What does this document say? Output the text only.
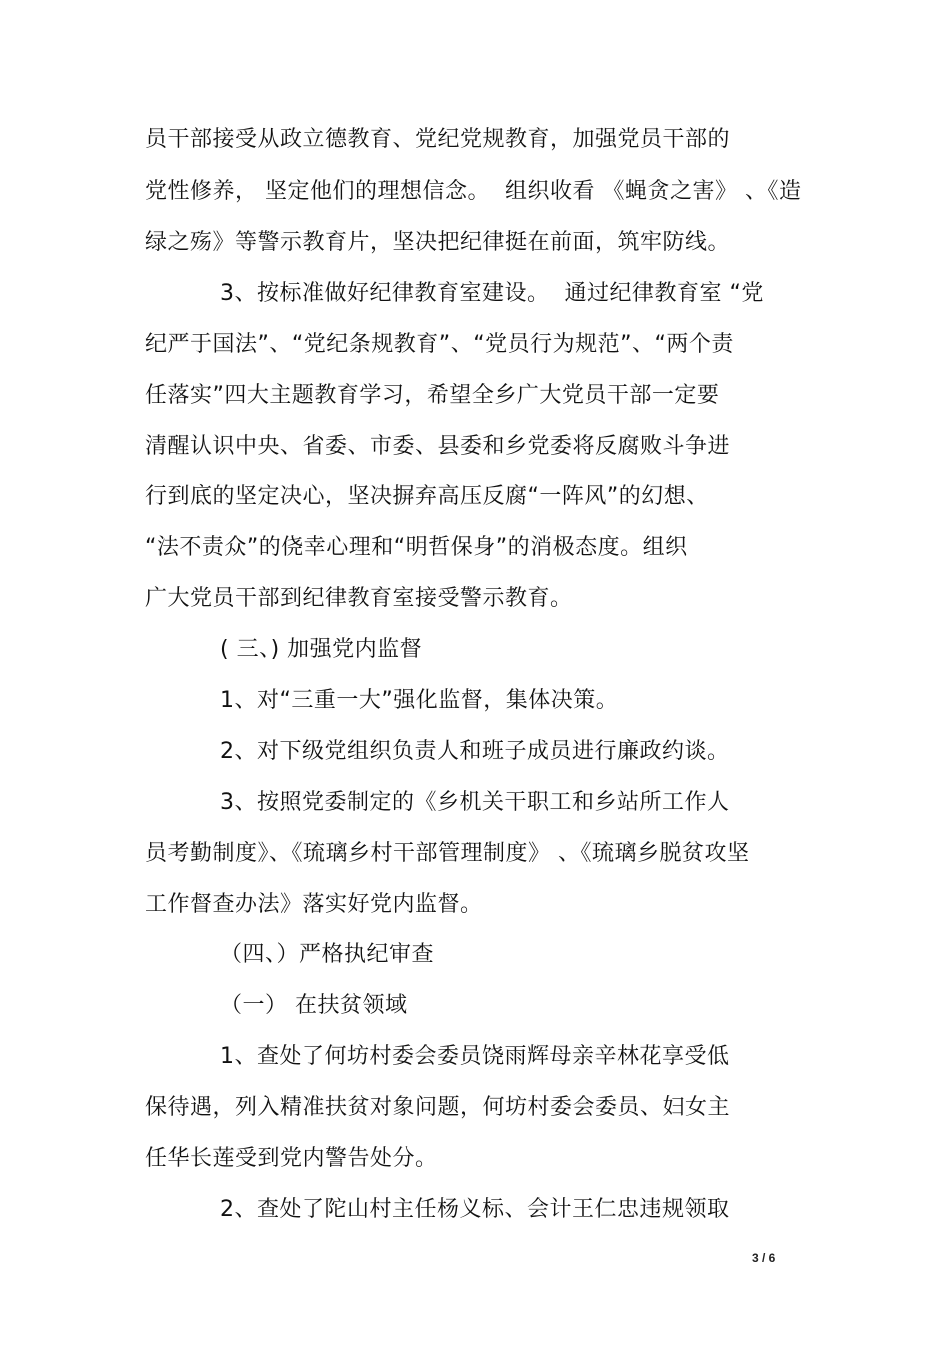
员干部接受从政立德教育、党纪党规教育，加强党员干部的
党性修养， 坚定他们的理想信念。  组织收看 《蝇贪之害》 、《造
绿之殇》等警示教育片，坚决把纪律挺在前面，筑牢防线。
3、按标准做好纪律教育室建设。  通过纪律教育室 “党
纪严于国法”、“党纪条规教育”、“党员行为规范”、“两个责
任落实”四大主题教育学习，希望全乡广大党员干部一定要
清醒认识中央、省委、市委、县委和乡党委将反腐败斗争进
行到底的坚定决心，坚决摒弃高压反腐“一阵风”的幻想、
“法不责众”的侥幸心理和“明哲保身”的消极态度。组织
广大党员干部到纪律教育室接受警示教育。
( 三、) 加强党内监督
1、对“三重一大”强化监督，集体决策。
2、对下级党组织负责人和班子成员进行廉政约谈。
3、按照党委制定的《乡机关干职工和乡站所工作人
员考勤制度》、《琉璃乡村干部管理制度》 、《琉璃乡脱贫攻坚
工作督查办法》落实好党内监督。
（四、）严格执纪审查
（一） 在扶贫领域
1、查处了何坊村委会委员饶雨辉母亲辛林花享受低
保待遇，列入精准扶贫对象问题，何坊村委会委员、妇女主
任华长莲受到党内警告处分。
2、查处了陀山村主任杨义标、会计王仁忠违规领取
3 / 6
